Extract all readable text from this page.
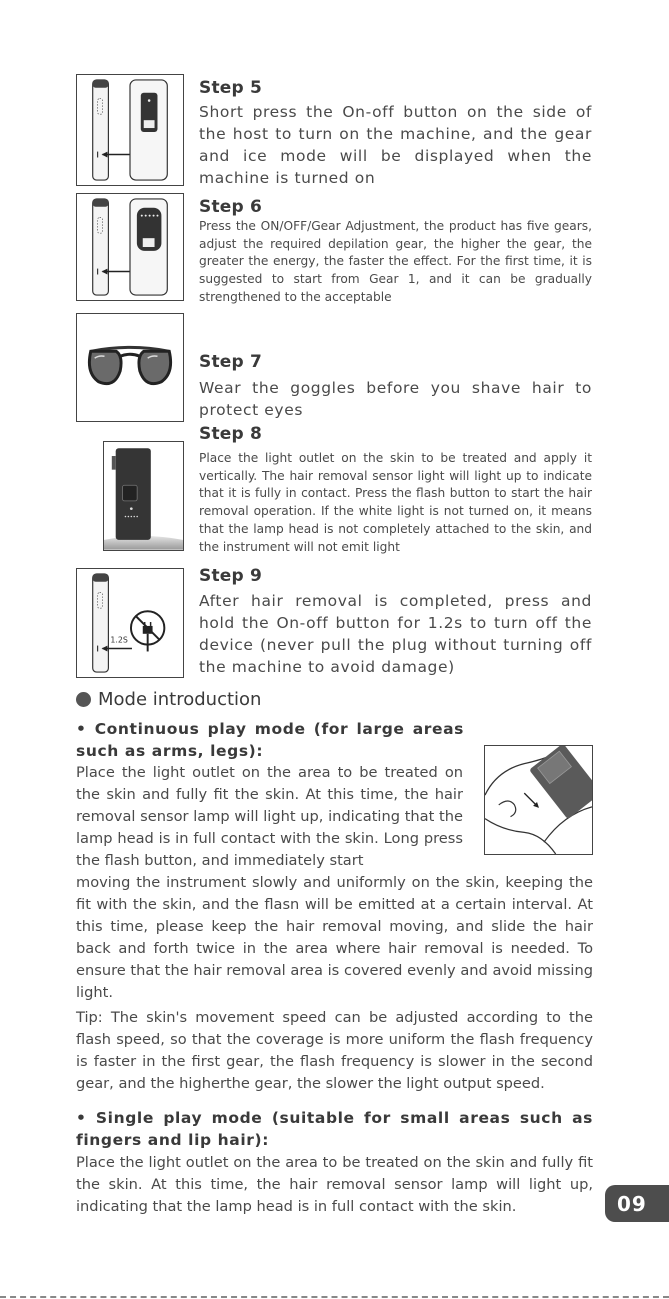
Step 5
Short press the On-off button on the side of the host to turn on the machine, and the gear and ice mode will be displayed when the machine is turned on
Step 6
Press the ON/OFF/Gear Adjustment, the product has five gears, adjust the required depilation gear, the higher the gear, the greater the energy, the faster the effect. For the first time, it is suggested to start from Gear 1, and it can be gradually strengthened to the acceptable
Step 7
Wear the goggles before you shave hair to protect eyes
Step 8
Place the light outlet on the skin to be treated and apply it vertically. The hair removal sensor light will light up to indicate that it is fully in contact. Press the flash button to start the hair removal operation. If the white light is not turned on, it means that the lamp head is not completely attached to the skin, and the instrument will not emit light
1.2S
Step 9
After hair removal is completed, press and hold the On-off button for 1.2s to turn off the device (never pull the plug without turning off the machine to avoid damage)
Mode introduction
• Continuous play mode (for large areas such as arms, legs):
Place the light outlet on the area to be treated on the skin and fully fit the skin. At this time, the hair removal sensor lamp will light up, indicating that the lamp head is in full contact with the skin. Long press the flash button, and immediately start
moving the instrument slowly and uniformly on the skin, keeping the fit with the skin, and the flasn will be emitted at a certain interval. At this time, please keep the hair removal moving, and slide the hair back and forth twice in the area where hair removal is needed. To ensure that the hair removal area is covered evenly and avoid missing light.
Tip: The skin's movement speed can be adjusted according to the flash speed, so that the coverage is more uniform the flash frequency is faster in the first gear, the flash frequency is slower in the second gear, and the higherthe gear, the slower the light output speed.
• Single play mode (suitable for small areas such as fingers and lip hair):
Place the light outlet on the area to be treated on the skin and fully fit the skin. At this time, the hair removal sensor lamp will light up, indicating that the lamp head is in full contact with the skin.	09
